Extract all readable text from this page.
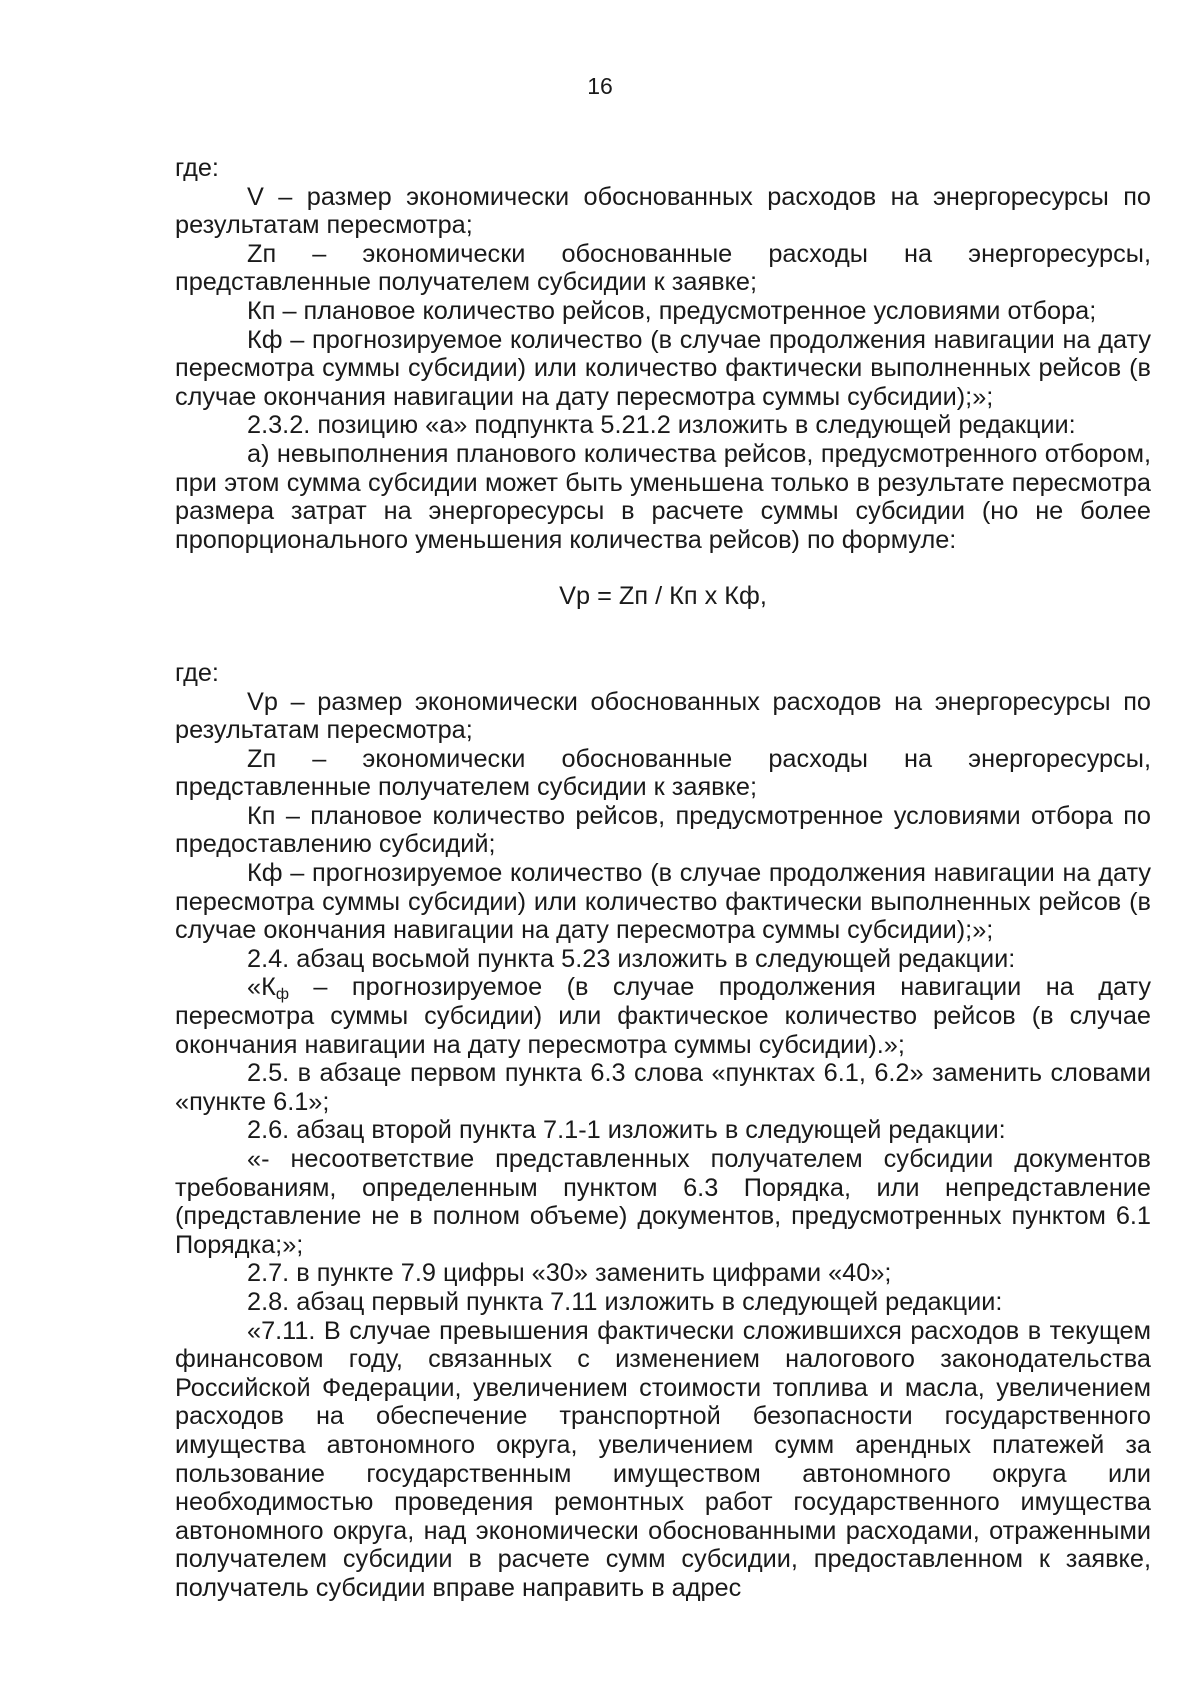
16

где:

V – размер экономически обоснованных расходов на энергоресурсы по результатам пересмотра;

Zп – экономически обоснованные расходы на энергоресурсы, представленные получателем субсидии к заявке;

Кп – плановое количество рейсов, предусмотренное условиями отбора;

Кф – прогнозируемое количество (в случае продолжения навигации на дату пересмотра суммы субсидии) или количество фактически выполненных рейсов (в случае окончания навигации на дату пересмотра суммы субсидии);»;

2.3.2. позицию «а» подпункта 5.21.2 изложить в следующей редакции:

а) невыполнения планового количества рейсов, предусмотренного отбором, при этом сумма субсидии может быть уменьшена только в результате пересмотра размера затрат на энергоресурсы в расчете суммы субсидии (но не более пропорционального уменьшения количества рейсов) по формуле:

Vр = Zп / Кп х Кф,

где:

Vр – размер экономически обоснованных расходов на энергоресурсы по результатам пересмотра;

Zп – экономически обоснованные расходы на энергоресурсы, представленные получателем субсидии к заявке;

Кп – плановое количество рейсов, предусмотренное условиями отбора по предоставлению субсидий;

Кф – прогнозируемое количество (в случае продолжения навигации на дату пересмотра суммы субсидии) или количество фактически выполненных рейсов (в случае окончания навигации на дату пересмотра суммы субсидии);»;

2.4. абзац восьмой пункта 5.23 изложить в следующей редакции:

«$К_ф$ – прогнозируемое (в случае продолжения навигации на дату пересмотра суммы субсидии) или фактическое количество рейсов (в случае окончания навигации на дату пересмотра суммы субсидии).»;

2.5. в абзаце первом пункта 6.3 слова «пунктах 6.1, 6.2» заменить словами «пункте 6.1»;

2.6. абзац второй пункта 7.1-1 изложить в следующей редакции:

«- несоответствие представленных получателем субсидии документов требованиям, определенным пунктом 6.3 Порядка, или непредставление (представление не в полном объеме) документов, предусмотренных пунктом 6.1 Порядка;»;

2.7. в пункте 7.9 цифры «30» заменить цифрами «40»;

2.8. абзац первый пункта 7.11 изложить в следующей редакции:

«7.11. В случае превышения фактически сложившихся расходов в текущем финансовом году, связанных с изменением налогового законодательства Российской Федерации, увеличением стоимости топлива и масла, увеличением расходов на обеспечение транспортной безопасности государственного имущества автономного округа, увеличением сумм арендных платежей за пользование государственным имуществом автономного округа или необходимостью проведения ремонтных работ государственного имущества автономного округа, над экономически обоснованными расходами, отраженными получателем субсидии в расчете сумм субсидии, предоставленном к заявке, получатель субсидии вправе направить в адрес
